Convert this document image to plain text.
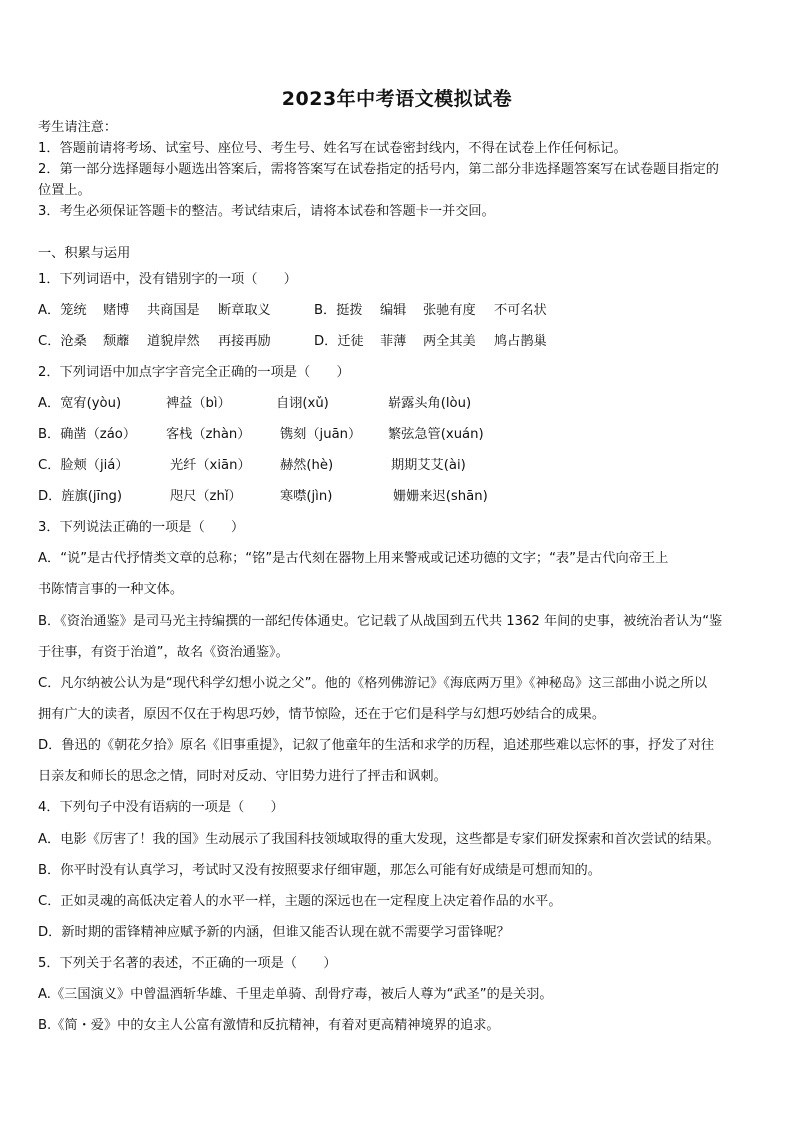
2023年中考语文模拟试卷
考生请注意：
1．答题前请将考场、试室号、座位号、考生号、姓名写在试卷密封线内，不得在试卷上作任何标记。
2．第一部分选择题每小题选出答案后，需将答案写在试卷指定的括号内，第二部分非选择题答案写在试卷题目指定的
位置上。
3．考生必须保证答题卡的整洁。考试结束后，请将本试卷和答题卡一并交回。
一、积累与运用
1．下列词语中，没有错别字的一项（　　）
A．笼统 赌博 共商国是 断章取义	B．挺拨 编辑 张驰有度 不可名状
C．沧桑 颓蘼 道貌岸然 再接再励	D．迁徒 菲薄 两全其美 鸠占鹊巢
2．下列词语中加点字字音完全正确的一项是（　　）
A．宽宥(yòu)	裨益（bì）	自诩(xǔ)	崭露头角(lòu)
B．确凿（záo） 客栈（zhàn） 镌刻（juān） 繁弦急管(xuán)
C．脸颊（jiá）	光纤（xiān） 赫然(hè)	期期艾艾(ài)
D．旌旗(jīng)	咫尺（zhǐ）	寒噤(jìn)	姗姗来迟(shān)
3．下列说法正确的一项是（　　）
A．“说”是古代抒情类文章的总称；“铭”是古代刻在器物上用来警戒或记述功德的文字；“表”是古代向帝王上
书陈情言事的一种文体。
B．《资治通鉴》是司马光主持编撰的一部纪传体通史。它记载了从战国到五代共 1362 年间的史事，被统治者认为“鉴
于往事，有资于治道”，故名《资治通鉴》。
C．凡尔纳被公认为是“现代科学幻想小说之父”。他的《格列佛游记》《海底两万里》《神秘岛》这三部曲小说之所以
拥有广大的读者，原因不仅在于构思巧妙，情节惊险，还在于它们是科学与幻想巧妙结合的成果。
D．鲁迅的《朝花夕拾》原名《旧事重提》，记叙了他童年的生活和求学的历程，追述那些难以忘怀的事，抒发了对往
日亲友和师长的思念之情，同时对反动、守旧势力进行了抨击和讽刺。
4．下列句子中没有语病的一项是（　　）
A．电影《厉害了！我的国》生动展示了我国科技领域取得的重大发现，这些都是专家们研发探索和首次尝试的结果。
B．你平时没有认真学习，考试时又没有按照要求仔细审题，那怎么可能有好成绩是可想而知的。
C．正如灵魂的高低决定着人的水平一样，主题的深远也在一定程度上决定着作品的水平。
D．新时期的雷锋精神应赋予新的内涵，但谁又能否认现在就不需要学习雷锋呢？
5．下列关于名著的表述，不正确的一项是（　　）
A.《三国演义》中曾温酒斩华雄、千里走单骑、刮骨疗毒，被后人尊为“武圣”的是关羽。
B.《简・爱》中的女主人公富有激情和反抗精神，有着对更高精神境界的追求。
